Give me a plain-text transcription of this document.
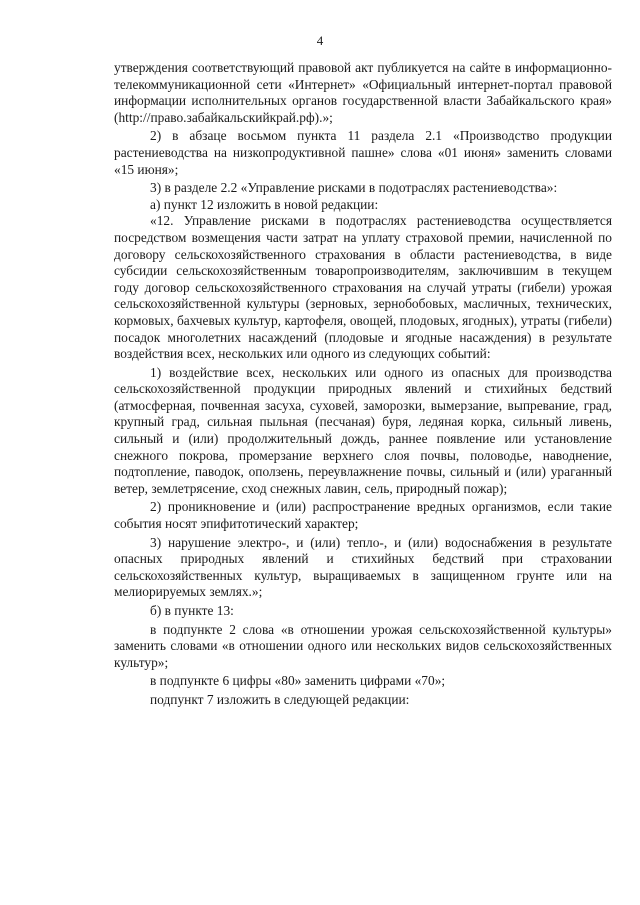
4

утверждения соответствующий правовой акт публикуется на сайте в информационно-телекоммуникационной сети «Интернет» «Официальный интернет-портал правовой информации исполнительных органов государственной власти Забайкальского края» (http://право.забайкальскийкрай.рф).»;

2) в абзаце восьмом пункта 11 раздела 2.1 «Производство продукции растениеводства на низкопродуктивной пашне» слова «01 июня» заменить словами «15 июня»;

3) в разделе 2.2 «Управление рисками в подотраслях растениеводства»:

а) пункт 12 изложить в новой редакции:

«12. Управление рисками в подотраслях растениеводства осуществляется посредством возмещения части затрат на уплату страховой премии, начисленной по договору сельскохозяйственного страхования в области растениеводства, в виде субсидии сельскохозяйственным товаропроизводителям, заключившим в текущем году договор сельскохозяйственного страхования на случай утраты (гибели) урожая сельскохозяйственной культуры (зерновых, зернобобовых, масличных, технических, кормовых, бахчевых культур, картофеля, овощей, плодовых, ягодных), утраты (гибели) посадок многолетних насаждений (плодовые и ягодные насаждения) в результате воздействия всех, нескольких или одного из следующих событий:

1) воздействие всех, нескольких или одного из опасных для производства сельскохозяйственной продукции природных явлений и стихийных бедствий (атмосферная, почвенная засуха, суховей, заморозки, вымерзание, выпревание, град, крупный град, сильная пыльная (песчаная) буря, ледяная корка, сильный ливень, сильный и (или) продолжительный дождь, раннее появление или установление снежного покрова, промерзание верхнего слоя почвы, половодье, наводнение, подтопление, паводок, оползень, переувлажнение почвы, сильный и (или) ураганный ветер, землетрясение, сход снежных лавин, сель, природный пожар);

2) проникновение и (или) распространение вредных организмов, если такие события носят эпифитотический характер;

3) нарушение электро-, и (или) тепло-, и (или) водоснабжения в результате опасных природных явлений и стихийных бедствий при страховании сельскохозяйственных культур, выращиваемых в защищенном грунте или на мелиорируемых землях.»;

б) в пункте 13:

в подпункте 2 слова «в отношении урожая сельскохозяйственной культуры» заменить словами «в отношении одного или нескольких видов сельскохозяйственных культур»;

в подпункте 6 цифры «80» заменить цифрами «70»;

подпункт 7 изложить в следующей редакции:
